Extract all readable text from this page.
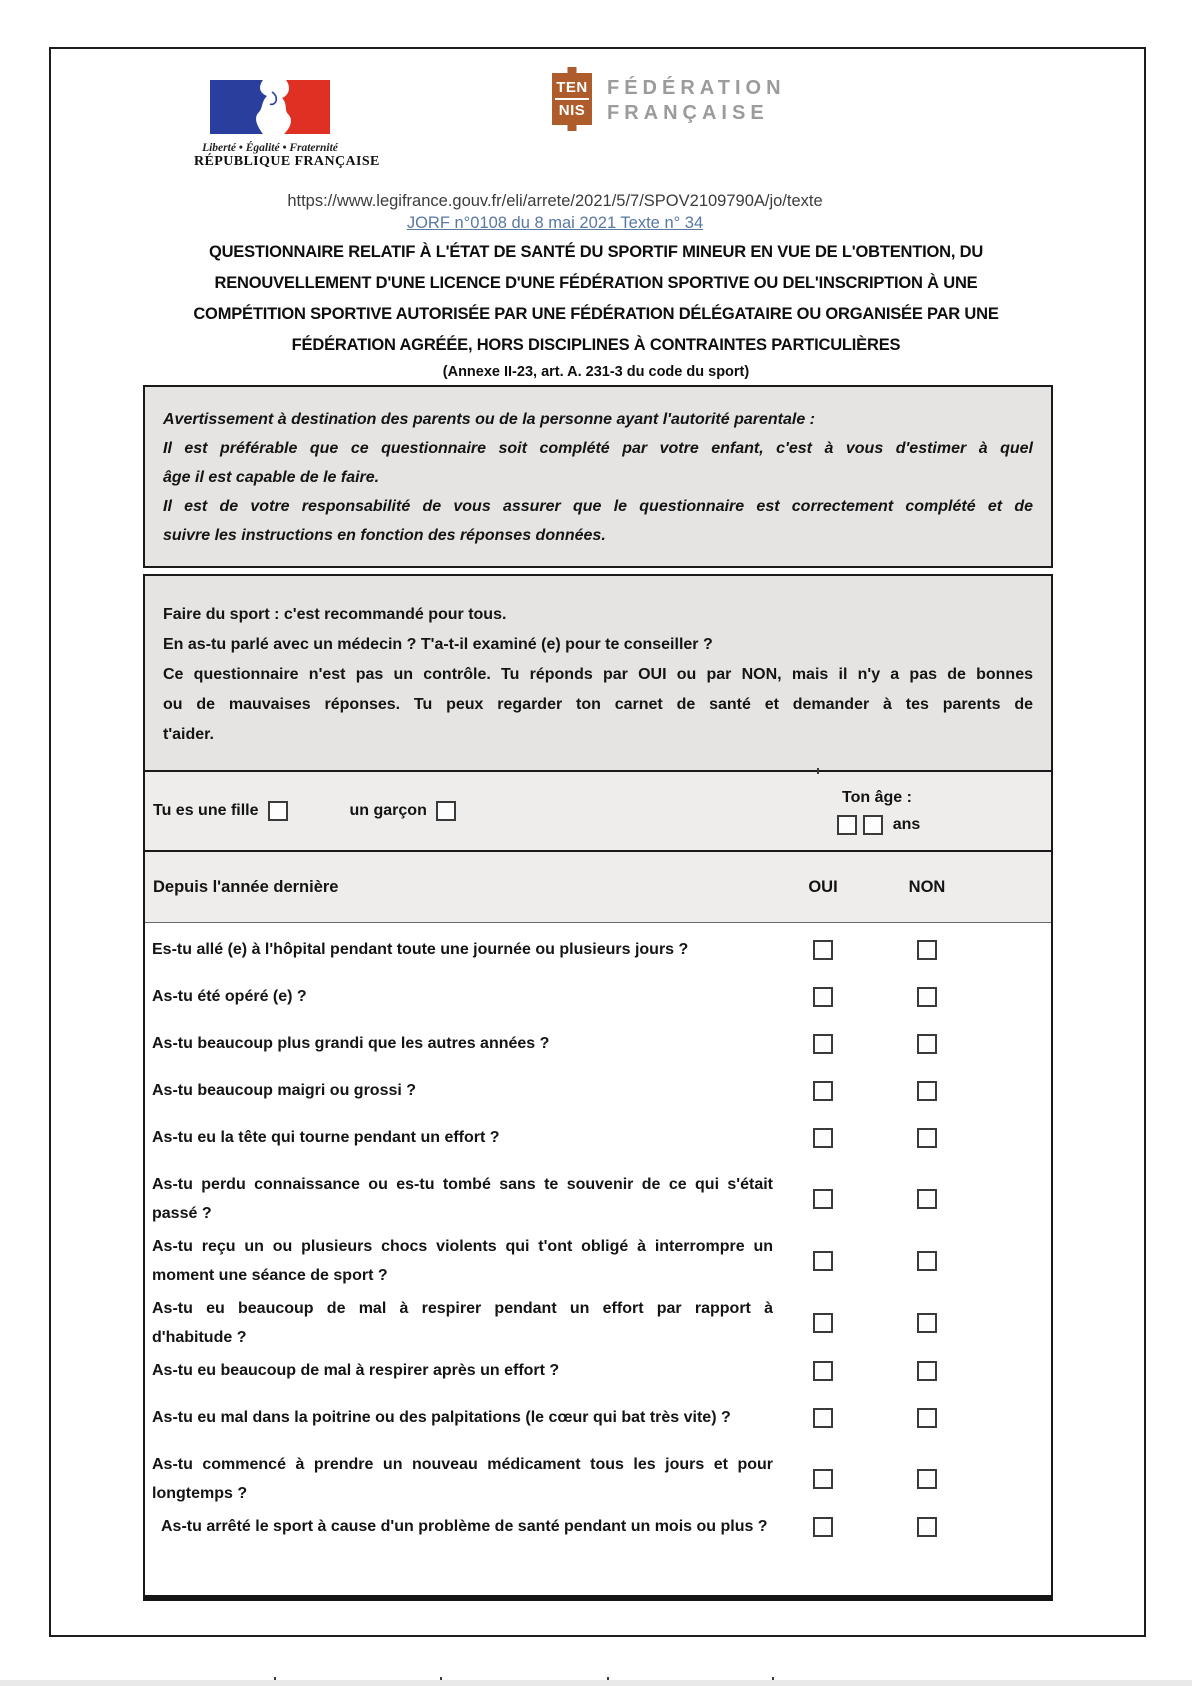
Liberté • Égalité • Fraternité
RÉPUBLIQUE FRANÇAISE
TEN
NIS
FÉDÉRATION
FRANÇAISE
https://www.legifrance.gouv.fr/eli/arrete/2021/5/7/SPOV2109790A/jo/texte
JORF n°0108 du 8 mai 2021 Texte n° 34
QUESTIONNAIRE RELATIF À L'ÉTAT DE SANTÉ DU SPORTIF MINEUR EN VUE DE L'OBTENTION, DU
RENOUVELLEMENT D'UNE LICENCE D'UNE FÉDÉRATION SPORTIVE OU DEL'INSCRIPTION À UNE
COMPÉTITION SPORTIVE AUTORISÉE PAR UNE FÉDÉRATION DÉLÉGATAIRE OU ORGANISÉE PAR UNE
FÉDÉRATION AGRÉÉE, HORS DISCIPLINES À CONTRAINTES PARTICULIÈRES
(Annexe II-23, art. A. 231-3 du code du sport)
Avertissement à destination des parents ou de la personne ayant l'autorité parentale :
Il est préférable que ce questionnaire soit complété par votre enfant, c'est à vous d'estimer à quel
âge il est capable de le faire.
Il est de votre responsabilité de vous assurer que le questionnaire est correctement complété et de
suivre les instructions en fonction des réponses données.
Faire du sport : c'est recommandé pour tous.
En as-tu parlé avec un médecin ? T'a-t-il examiné (e) pour te conseiller ?
Ce questionnaire n'est pas un contrôle. Tu réponds par OUI ou par NON, mais il n'y a pas de bonnes
ou de mauvaises réponses. Tu peux regarder ton carnet de santé et demander à tes parents de
t'aider.
Tu es une fille	un garçon
Ton âge :
ans
Depuis l'année dernière	OUI	NON
Es-tu allé (e) à l'hôpital pendant toute une journée ou plusieurs jours ?
As-tu été opéré (e) ?
As-tu beaucoup plus grandi que les autres années ?
As-tu beaucoup maigri ou grossi ?
As-tu eu la tête qui tourne pendant un effort ?
As-tu perdu connaissance ou es-tu tombé sans te souvenir de ce qui s'était
passé ?
As-tu reçu un ou plusieurs chocs violents qui t'ont obligé à interrompre un
moment une séance de sport ?
As-tu eu beaucoup de mal à respirer pendant un effort par rapport à
d'habitude ?
As-tu eu beaucoup de mal à respirer après un effort ?
As-tu eu mal dans la poitrine ou des palpitations (le cœur qui bat très vite) ?
As-tu commencé à prendre un nouveau médicament tous les jours et pour
longtemps ?
As-tu arrêté le sport à cause d'un problème de santé pendant un mois ou plus ?
